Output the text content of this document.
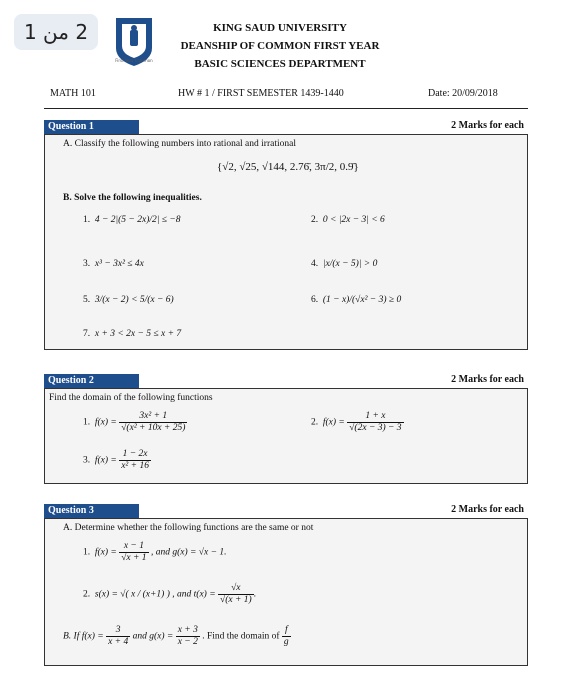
2 من 1
First Year Common
KING SAUD UNIVERSITY
DEANSHIP OF COMMON FIRST YEAR
BASIC SCIENCES DEPARTMENT
MATH 101	HW # 1 / FIRST SEMESTER 1439-1440	Date: 20/09/2018
Question 1	2 Marks for each
A. Classify the following numbers into rational and irrational
{√2, √25, √144, 2.76̄, 3π/2, 0.9̄}
B. Solve the following inequalities.
1. 4 − 2|(5 − 2x)/2| ≤ −8	2. 0 < |2x − 3| < 6
3. x³ − 3x² ≤ 4x	4. |x/(x − 5)| > 0
5. 3/(x − 2) < 5/(x − 6)	6. (1 − x)/(√x² − 3) ≥ 0
7. x + 3 < 2x − 5 ≤ x + 7
Question 2	2 Marks for each
Find the domain of the following functions
1. $f(x) = \frac{\text{3x² + 1}}{\text{√(x² + 10x + 25)}}$	2. $f(x) = \frac{1 + x}{√(2x - 3) - 3}$
3. $f(x) = \frac{1 - 2x}{\text{x² + 16}}$
Question 3	2 Marks for each
A. Determine whether the following functions are the same or not
1. $f(x) = \frac{x - 1}{√x + 1}$ , and g(x) = √x − 1.
2. s(x) = √( x / (x+1) ) , and $t(x) = \frac{√x}{√(x + 1)}$ .
B. If $f(x) = \frac{3}{x + 4}$ and $g(x) = \frac{x + 3}{x - 2}$ . Find the domain of $\frac{f}{g}$
